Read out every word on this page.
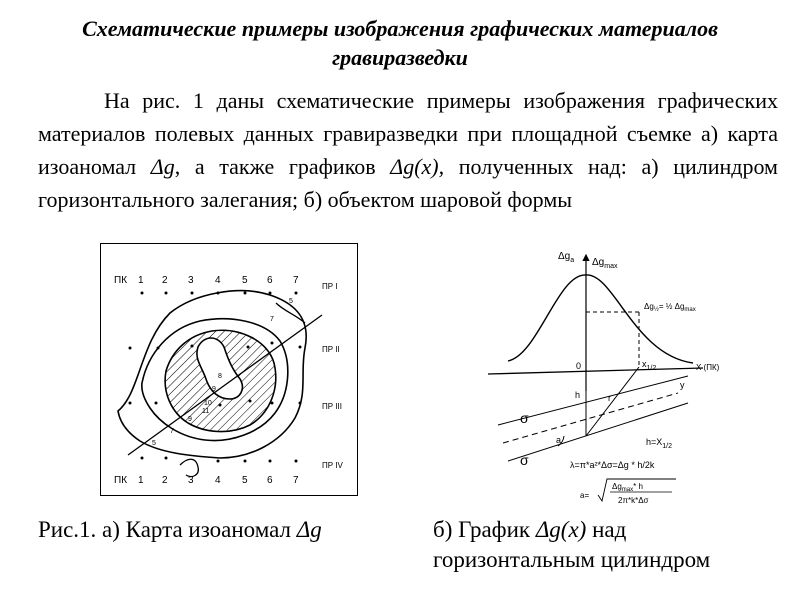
Схематические примеры изображения графических материалов гравиразведки

   На рис. 1 даны схематические примеры изображения графических материалов полевых данных гравиразведки при площадной съемке а) карта изоаномал Δg, а также графиков Δg(x), полученных над: а) цилиндром горизонтального залегания; б) объектом шаровой формы

ПК 1 2 3 4 5 6 7
ПК 1 2 3 4 5 6 7
ПР I
ПР II
ПР III
ПР IV
5
7
8
9
10
11
9
7
5
$\Delta g_a$ $\Delta g_{max}$
$\Delta g_{\frac{1}{2}}=$ ½ $\Delta g_{max}$
0	X (ПК)
$x_{1/2}$
h	r
y
a
σ
σ
$h=X_{1/2}$
λ=π*a²*Δσ=Δg * h/2k
a=
$\Delta g_{max}*$ h
2π*k*Δσ
Рис.1. а) Карта изоаномал Δg	б) График Δg(x) над горизонтальным цилиндром
